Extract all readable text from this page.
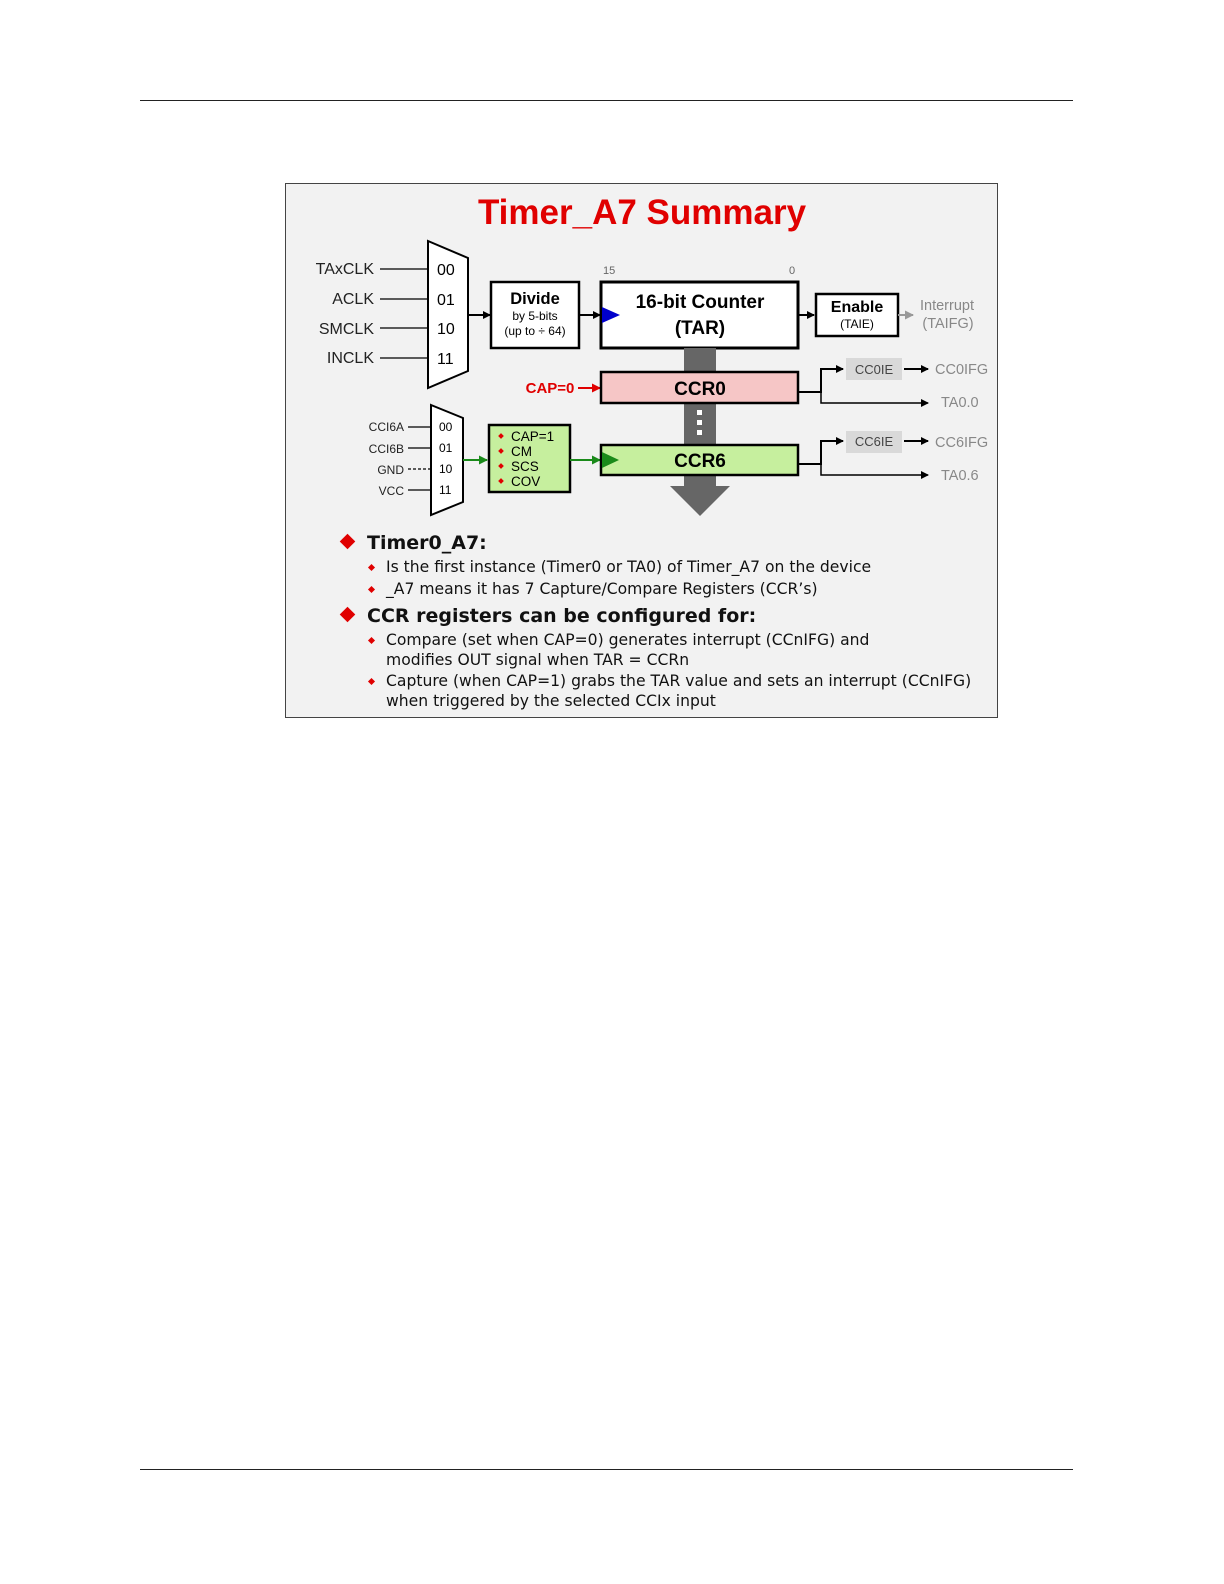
Timer_A7 Summary
TAxCLK
ACLK
SMCLK
INCLK
00
01
10
11
Divide
by 5-bits
(up to ÷ 64)
15	0
16-bit Counter
(TAR)
Enable
(TAIE)
Interrupt
(TAIFG)
CAP=0	CCR0
CC0IE	CC0IFG
TA0.0
CCI6A
CCI6B
GND
VCC
00
01
10
11
CAP=1
CM
SCS
COV
CCR6
CC6IE	CC6IFG
TA0.6
Timer0_A7:
Is the first instance (Timer0 or TA0) of Timer_A7 on the device
_A7 means it has 7 Capture/Compare Registers (CCR’s)
CCR registers can be configured for:
Compare (set when CAP=0) generates interrupt (CCnIFG) and
modifies OUT signal when TAR = CCRn
Capture (when CAP=1) grabs the TAR value and sets an interrupt (CCnIFG)
when triggered by the selected CCIx input
